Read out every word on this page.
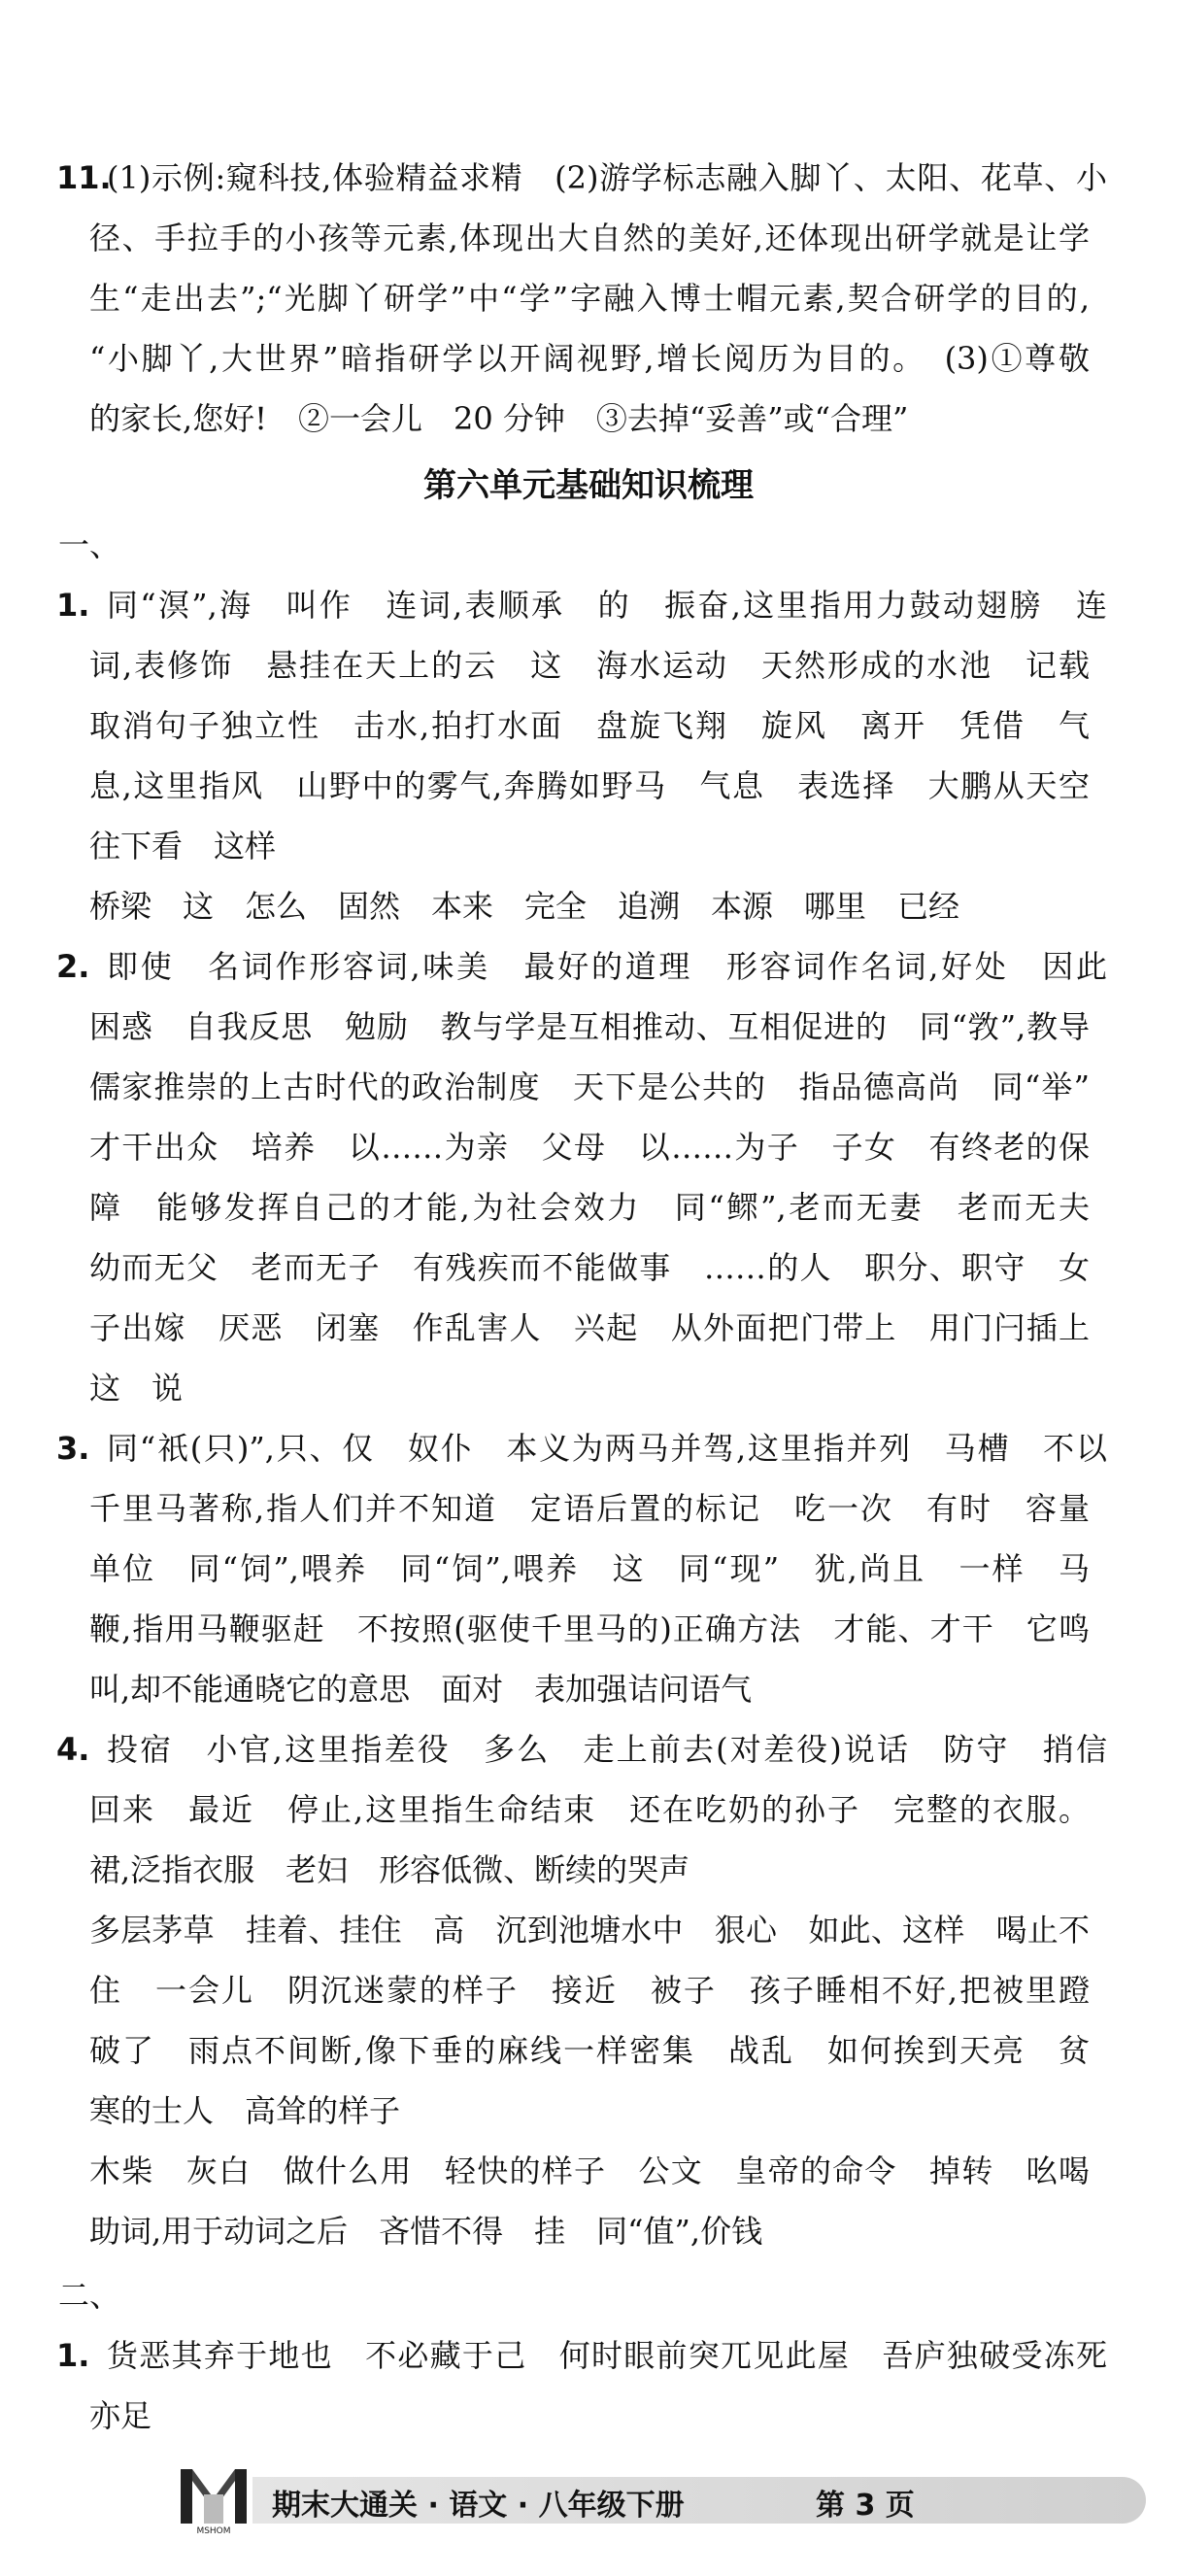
11.
(1)示例:窥科技,体验精益求精　(2)游学标志融入脚丫、太阳、花草、小
径、手拉手的小孩等元素,体现出大自然的美好,还体现出研学就是让学
生“走出去”;“光脚丫研学”中“学”字融入博士帽元素,契合研学的目的,
“小脚丫,大世界”暗指研学以开阔视野,增长阅历为目的。　(3)①尊敬
的家长,您好!　②一会儿　20 分钟　③去掉“妥善”或“合理”
第六单元基础知识梳理
一、
1. 同“溟”,海　叫作　连词,表顺承　的　振奋,这里指用力鼓动翅膀　连
词,表修饰　悬挂在天上的云　这　海水运动　天然形成的水池　记载
取消句子独立性　击水,拍打水面　盘旋飞翔　旋风　离开　凭借　气
息,这里指风　山野中的雾气,奔腾如野马　气息　表选择　大鹏从天空
往下看　这样
桥梁　这　怎么　固然　本来　完全　追溯　本源　哪里　已经
2. 即使　名词作形容词,味美　最好的道理　形容词作名词,好处　因此
困惑　自我反思　勉励　教与学是互相推动、互相促进的　同“敩”,教导
儒家推崇的上古时代的政治制度　天下是公共的　指品德高尚　同“举”
才干出众　培养　以……为亲　父母　以……为子　子女　有终老的保
障　能够发挥自己的才能,为社会效力　同“鳏”,老而无妻　老而无夫
幼而无父　老而无子　有残疾而不能做事　……的人　职分、职守　女
子出嫁　厌恶　闭塞　作乱害人　兴起　从外面把门带上　用门闩插上
这　说
3. 同“祇(只)”,只、仅　奴仆　本义为两马并驾,这里指并列　马槽　不以
千里马著称,指人们并不知道　定语后置的标记　吃一次　有时　容量
单位　同“饲”,喂养　同“饲”,喂养　这　同“现”　犹,尚且　一样　马
鞭,指用马鞭驱赶　不按照(驱使千里马的)正确方法　才能、才干　它鸣
叫,却不能通晓它的意思　面对　表加强诘问语气
4. 投宿　小官,这里指差役　多么　走上前去(对差役)说话　防守　捎信
回来　最近　停止,这里指生命结束　还在吃奶的孙子　完整的衣服。
裙,泛指衣服　老妇　形容低微、断续的哭声
多层茅草　挂着、挂住　高　沉到池塘水中　狠心　如此、这样　喝止不
住　一会儿　阴沉迷蒙的样子　接近　被子　孩子睡相不好,把被里蹬
破了　雨点不间断,像下垂的麻线一样密集　战乱　如何挨到天亮　贫
寒的士人　高耸的样子
木柴　灰白　做什么用　轻快的样子　公文　皇帝的命令　掉转　吆喝
助词,用于动词之后　吝惜不得　挂　同“值”,价钱
二、
1. 货恶其弃于地也　不必藏于己　何时眼前突兀见此屋　吾庐独破受冻死
亦足
MSHOM
期末大通关 · 语文 · 八年级下册	第 3 页
